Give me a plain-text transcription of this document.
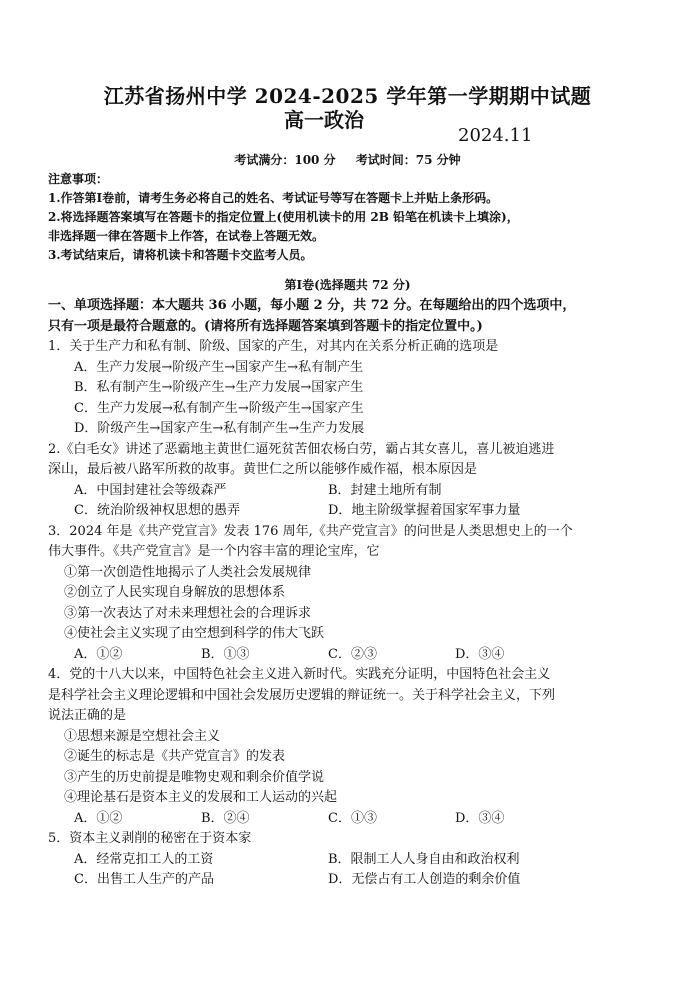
江苏省扬州中学 2024-2025 学年第一学期期中试题
高一政治
2024.11
考试满分：100 分 考试时间：75 分钟
注意事项：
1.作答第Ⅰ卷前，请考生务必将自己的姓名、考试证号等写在答题卡上并贴上条形码。
2.将选择题答案填写在答题卡的指定位置上(使用机读卡的用 2B 铅笔在机读卡上填涂)，
非选择题一律在答题卡上作答，在试卷上答题无效。
3.考试结束后，请将机读卡和答题卡交监考人员。
第Ⅰ卷(选择题共 72 分)
一、单项选择题：本大题共 36 小题，每小题 2 分，共 72 分。在每题给出的四个选项中，
只有一项是最符合题意的。(请将所有选择题答案填到答题卡的指定位置中。)
1．关于生产力和私有制、阶级、国家的产生，对其内在关系分析正确的选项是
A．生产力发展→阶级产生→国家产生→私有制产生
B．私有制产生→阶级产生→生产力发展→国家产生
C．生产力发展→私有制产生→阶级产生→国家产生
D．阶级产生→国家产生→私有制产生→生产力发展
2.《白毛女》讲述了恶霸地主黄世仁逼死贫苦佃农杨白劳，霸占其女喜儿，喜儿被迫逃进
深山，最后被八路军所救的故事。黄世仁之所以能够作威作福，根本原因是
A．中国封建社会等级森严	B．封建土地所有制
C．统治阶级神权思想的愚弄	D．地主阶级掌握着国家军事力量
3．2024 年是《共产党宣言》发表 176 周年,《共产党宣言》的问世是人类思想史上的一个
伟大事件。《共产党宣言》是一个内容丰富的理论宝库，它
①第一次创造性地揭示了人类社会发展规律
②创立了人民实现自身解放的思想体系
③第一次表达了对未来理想社会的合理诉求
④使社会主义实现了由空想到科学的伟大飞跃
A．①②	B．①③	C．②③	D．③④
4．党的十八大以来，中国特色社会主义进入新时代。实践充分证明，中国特色社会主义
是科学社会主义理论逻辑和中国社会发展历史逻辑的辩证统一。关于科学社会主义，下列
说法正确的是
①思想来源是空想社会主义
②诞生的标志是《共产党宣言》的发表
③产生的历史前提是唯物史观和剩余价值学说
④理论基石是资本主义的发展和工人运动的兴起
A．①②	B．②④	C．①③	D．③④
5．资本主义剥削的秘密在于资本家
A．经常克扣工人的工资	B．限制工人人身自由和政治权利
C．出售工人生产的产品	D．无偿占有工人创造的剩余价值
